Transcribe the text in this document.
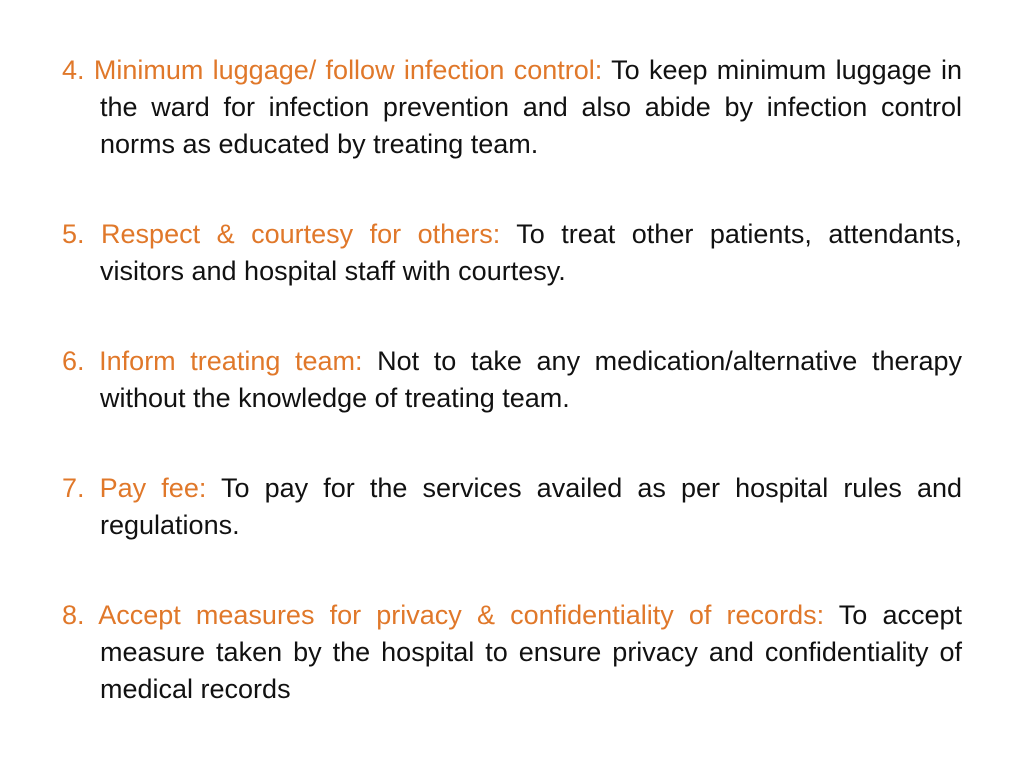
4. Minimum luggage/ follow infection control: To keep minimum luggage in the ward for infection prevention and also abide by infection control norms as educated by treating team.

5. Respect & courtesy for others: To treat other patients, attendants, visitors and hospital staff with courtesy.

6. Inform treating team: Not to take any medication/alternative therapy without the knowledge of treating team.

7. Pay fee: To pay for the services availed as per hospital rules and regulations.

8. Accept measures for privacy & confidentiality of records: To accept measure taken by the hospital to ensure privacy and confidentiality of medical records
